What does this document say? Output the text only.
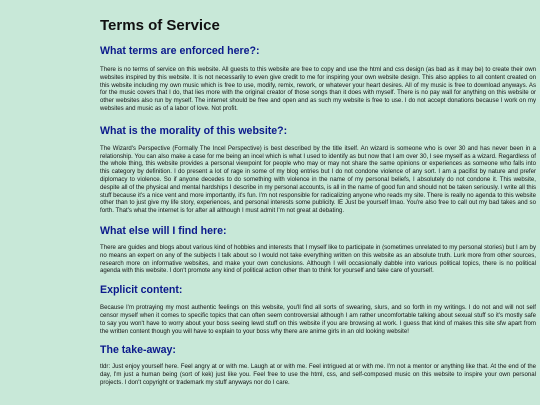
Terms of Service
What terms are enforced here?:

There is no terms of service on this website. All guests to this website are free to copy and use the html and css design (as bad as it may be) to create their own websites inspired by this website. It is not necessarily to even give credit to me for inspiring your own website design. This also applies to all content created on this website including my own music which is free to use, modify, remix, rework, or whatever your heart desires. All of my music is free to download anyways. As for the music covers that I do, that lies more with the original creator of those songs than it does with myself. There is no pay wall for anything on this website or other websites also run by myself. The internet should be free and open and as such my website is free to use. I do not accept donations because I work on my websites and music as of a labor of love. Not profit.

What is the morality of this website?:

The Wizard's Perspective (Formally The Incel Perspective) is best described by the title itself. An wizard is someone who is over 30 and has never been in a relationship. You can also make a case for me being an incel which is what I used to identify as but now that I am over 30, I see myself as a wizard. Regardless of the whole thing, this website provides a personal viewpoint for people who may or may not share the same opinions or experiences as someone who falls into this category by definition. I do present a lot of rage in some of my blog entries but I do not condone violence of any sort. I am a pacifist by nature and prefer diplomacy to violence. So if anyone decedes to do something with violence in the name of my personal beliefs, I absolutely do not condone it. This website, despite all of the physical and mental hardships I describe in my personal accounts, is all in the name of good fun and should not be taken seriously. I write all this stuff because it's a nice vent and more importantly, it's fun. I'm not responsible for radicalizing anyone who reads my site. There is really no agenda to this website other than to just give my life story, experiences, and personal interests some publicity. IE Just be yourself lmao. You're also free to call out my bad takes and so forth. That's what the internet is for after all although I must admit I'm not great at debating.

What else will I find here:

There are guides and blogs about various kind of hobbies and interests that I myself like to participate in (sometimes unrelated to my personal stories) but I am by no means an expert on any of the subjects I talk about so I would not take everything written on this website as an absolute truth. Lurk more from other sources, research more on informative websites, and make your own conclusions. Although I will occasionally dabble into various political topics, there is no political agenda with this website. I don't promote any kind of political action other than to think for yourself and take care of yourself.

Explicit content:

Because I'm protraying my most authentic feelings on this website, you'll find all sorts of swearing, slurs, and so forth in my writings. I do not and will not self censor myself when it comes to specific topics that can often seem controversial although I am rather uncomfortable talking about sexual stuff so it's mostly safe to say you won't have to worry about your boss seeing lewd stuff on this website if you are browsing at work. I guess that kind of makes this site sfw apart from the written content though you will have to explain to your boss why there are anime girls in an old looking website!

The take-away:

tldr: Just enjoy yourself here. Feel angry at or with me. Laugh at or with me. Feel intrigued at or with me. I'm not a mentor or anything like that. At the end of the day, I'm just a human being (sort of kek) just like you. Feel free to use the html, css, and self-composed music on this website to inspire your own personal projects. I don't copyright or trademark my stuff anyways nor do I care.
